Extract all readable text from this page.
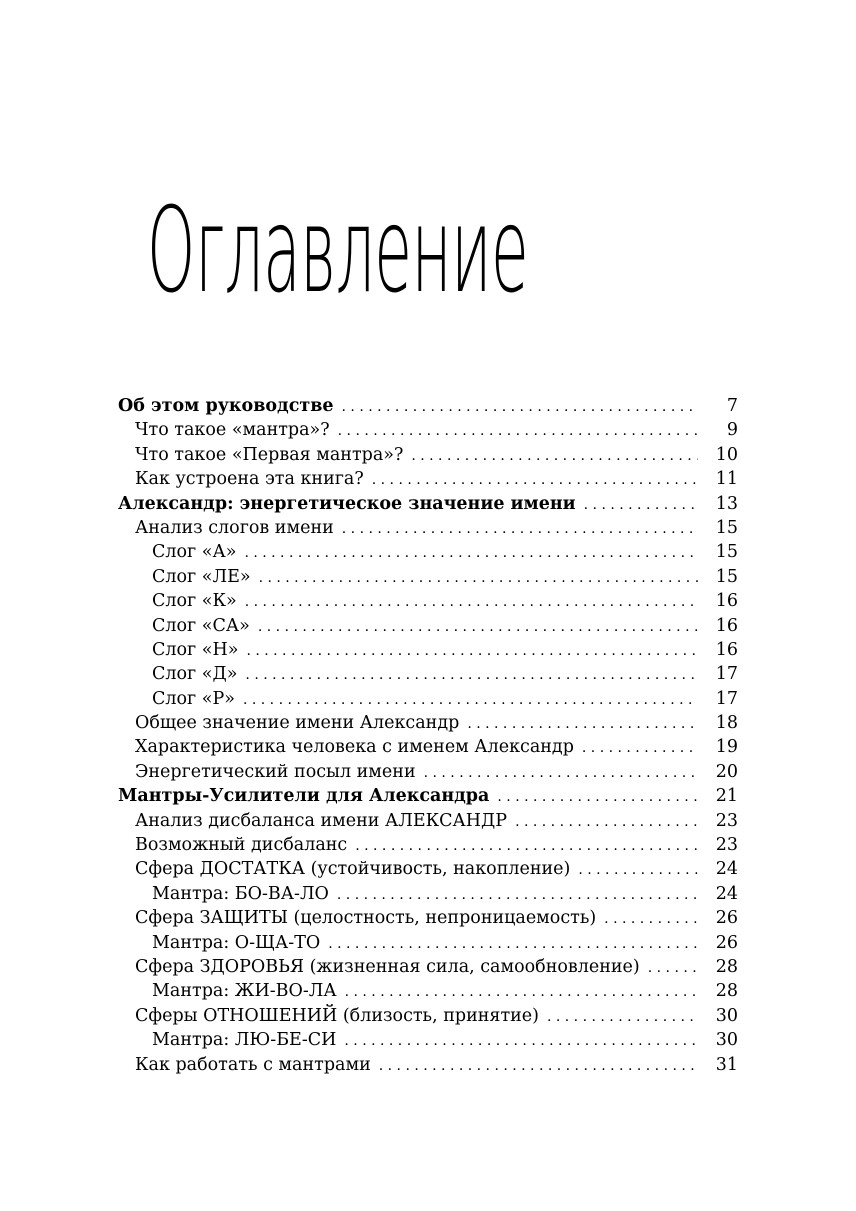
Оглавление
Об этом руководстве . . .	7
Что такое «мантра»? . . .	9
Что такое «Первая мантра»? . . .	10
Как устроена эта книга? . . .	11
Александр: энергетическое значение имени . . .	13
Анализ слогов имени . . .	15
Слог «А» . . .	15
Слог «ЛЕ» . . .	15
Слог «К» . . .	16
Слог «СА» . . .	16
Слог «Н» . . .	16
Слог «Д» . . .	17
Слог «Р» . . .	17
Общее значение имени Александр . . .	18
Характеристика человека с именем Александр . . .	19
Энергетический посыл имени . . .	20
Мантры-Усилители для Александра . . .	21
Анализ дисбаланса имени АЛЕКСАНДР . . .	23
Возможный дисбаланс . . .	23
Сфера ДОСТАТКА (устойчивость, накопление) . . .	24
Мантра: БО-ВА-ЛО . . .	24
Сфера ЗАЩИТЫ (целостность, непроницаемость) . . .	26
Мантра: О-ЩА-ТО . . .	26
Сфера ЗДОРОВЬЯ (жизненная сила, самообновление) . . .	28
Мантра: ЖИ-ВО-ЛА . . .	28
Сферы ОТНОШЕНИЙ (близость, принятие) . . .	30
Мантра: ЛЮ-БЕ-СИ . . .	30
Как работать с мантрами . . .	31
